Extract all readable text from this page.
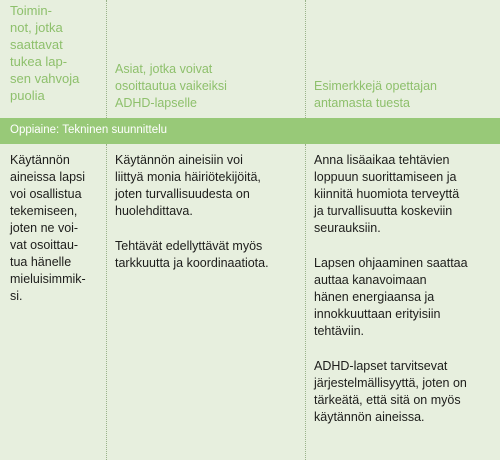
Toimin-
not, jotka
saattavat
tukea lap-
sen vahvoja
puolia
Asiat, jotka voivat
osoittautua vaikeiksi
ADHD-lapselle
Esimerkkejä opettajan
antamasta tuesta
Oppiaine: Tekninen suunnittelu

Käytännön
aineissa lapsi
voi osallistua
tekemiseen,
joten ne voi-
vat osoittau-
tua hänelle
mieluisimmik-
si.

Käytännön aineisiin voi
liittyä monia häiriötekijöitä,
joten turvallisuudesta on
huolehdittava.

Tehtävät edellyttävät myös
tarkkuutta ja koordinaatiota.

Anna lisäaikaa tehtävien
loppuun suorittamiseen ja
kiinnitä huomiota terveyttä
ja turvallisuutta koskeviin
seurauksiin.

Lapsen ohjaaminen saattaa
auttaa kanavoimaan
hänen energiaansa ja
innokkuuttaan erityisiin
tehtäviin.

ADHD-lapset tarvitsevat
järjestelmällisyyttä, joten on
tärkeätä, että sitä on myös
käytännön aineissa.
